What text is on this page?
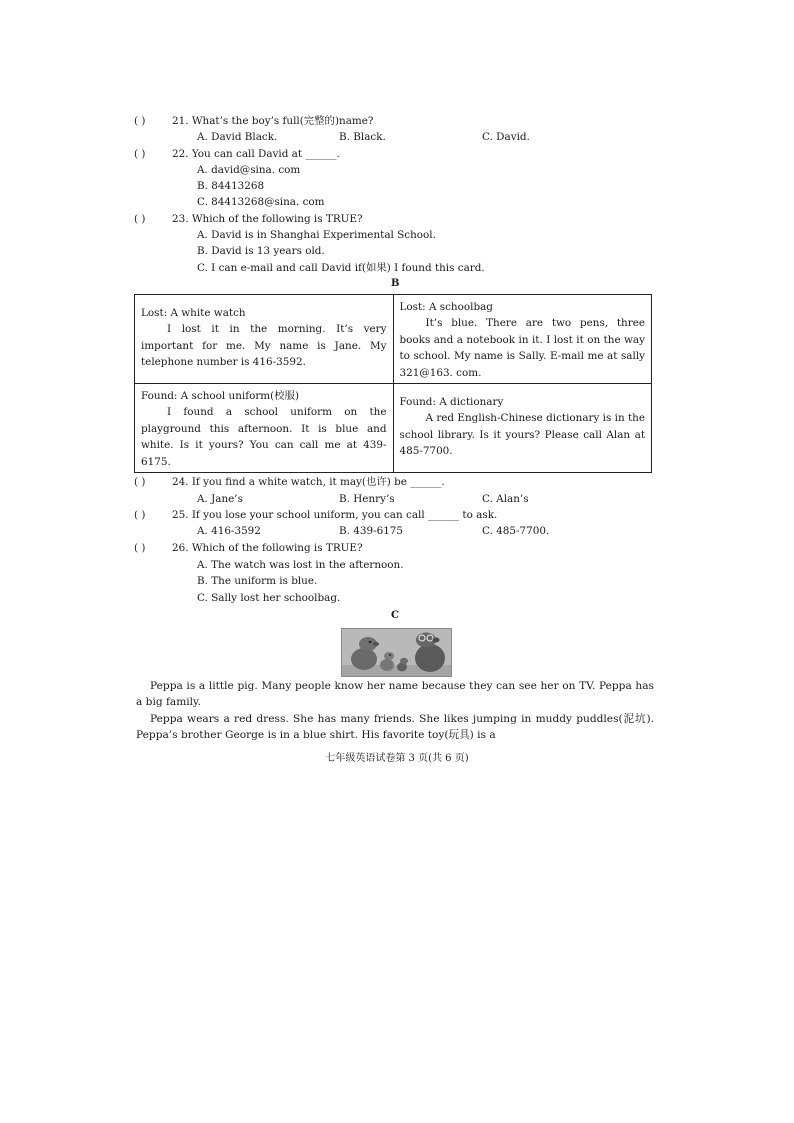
( )	21. What’s the boy’s full(完整的)name?
A. David Black.	B. Black.	C. David.
( )	22. You can call David at ______.
A. david@sina. com
B. 84413268
C. 84413268@sina. com
( )	23. Which of the following is TRUE?
A. David is in Shanghai Experimental School.
B. David is 13 years old.
C. I can e-mail and call David if(如果) I found this card.
B
Lost: A white watch
I lost it in the morning. It’s very important for me. My name is Jane. My telephone number is 416-3592.	Lost: A schoolbag
It’s blue. There are two pens, three books and a notebook in it. I lost it on the way to school. My name is Sally. E-mail me at sally 321@163. com.

Found: A school uniform(校服)
I found a school uniform on the playground this afternoon. It is blue and white. Is it yours? You can call me at 439-6175.	Found: A dictionary
A red English-Chinese dictionary is in the school library. Is it yours? Please call Alan at 485-7700.
( )	24. If you find a white watch, it may(也许) be ______.
A. Jane’s	B. Henry’s	C. Alan’s
( )	25. If you lose your school uniform, you can call ______ to ask.
A. 416-3592	B. 439-6175	C. 485-7700.
( )	26. Which of the following is TRUE?
A. The watch was lost in the afternoon.
B. The uniform is blue.
C. Sally lost her schoolbag.
C
Peppa is a little pig. Many people know her name because they can see her on TV. Peppa has a big family.
Peppa wears a red dress. She has many friends. She likes jumping in muddy puddles(泥坑). Peppa’s brother George is in a blue shirt. His favorite toy(玩具) is a
七年级英语试卷第 3 页(共 6 页)
